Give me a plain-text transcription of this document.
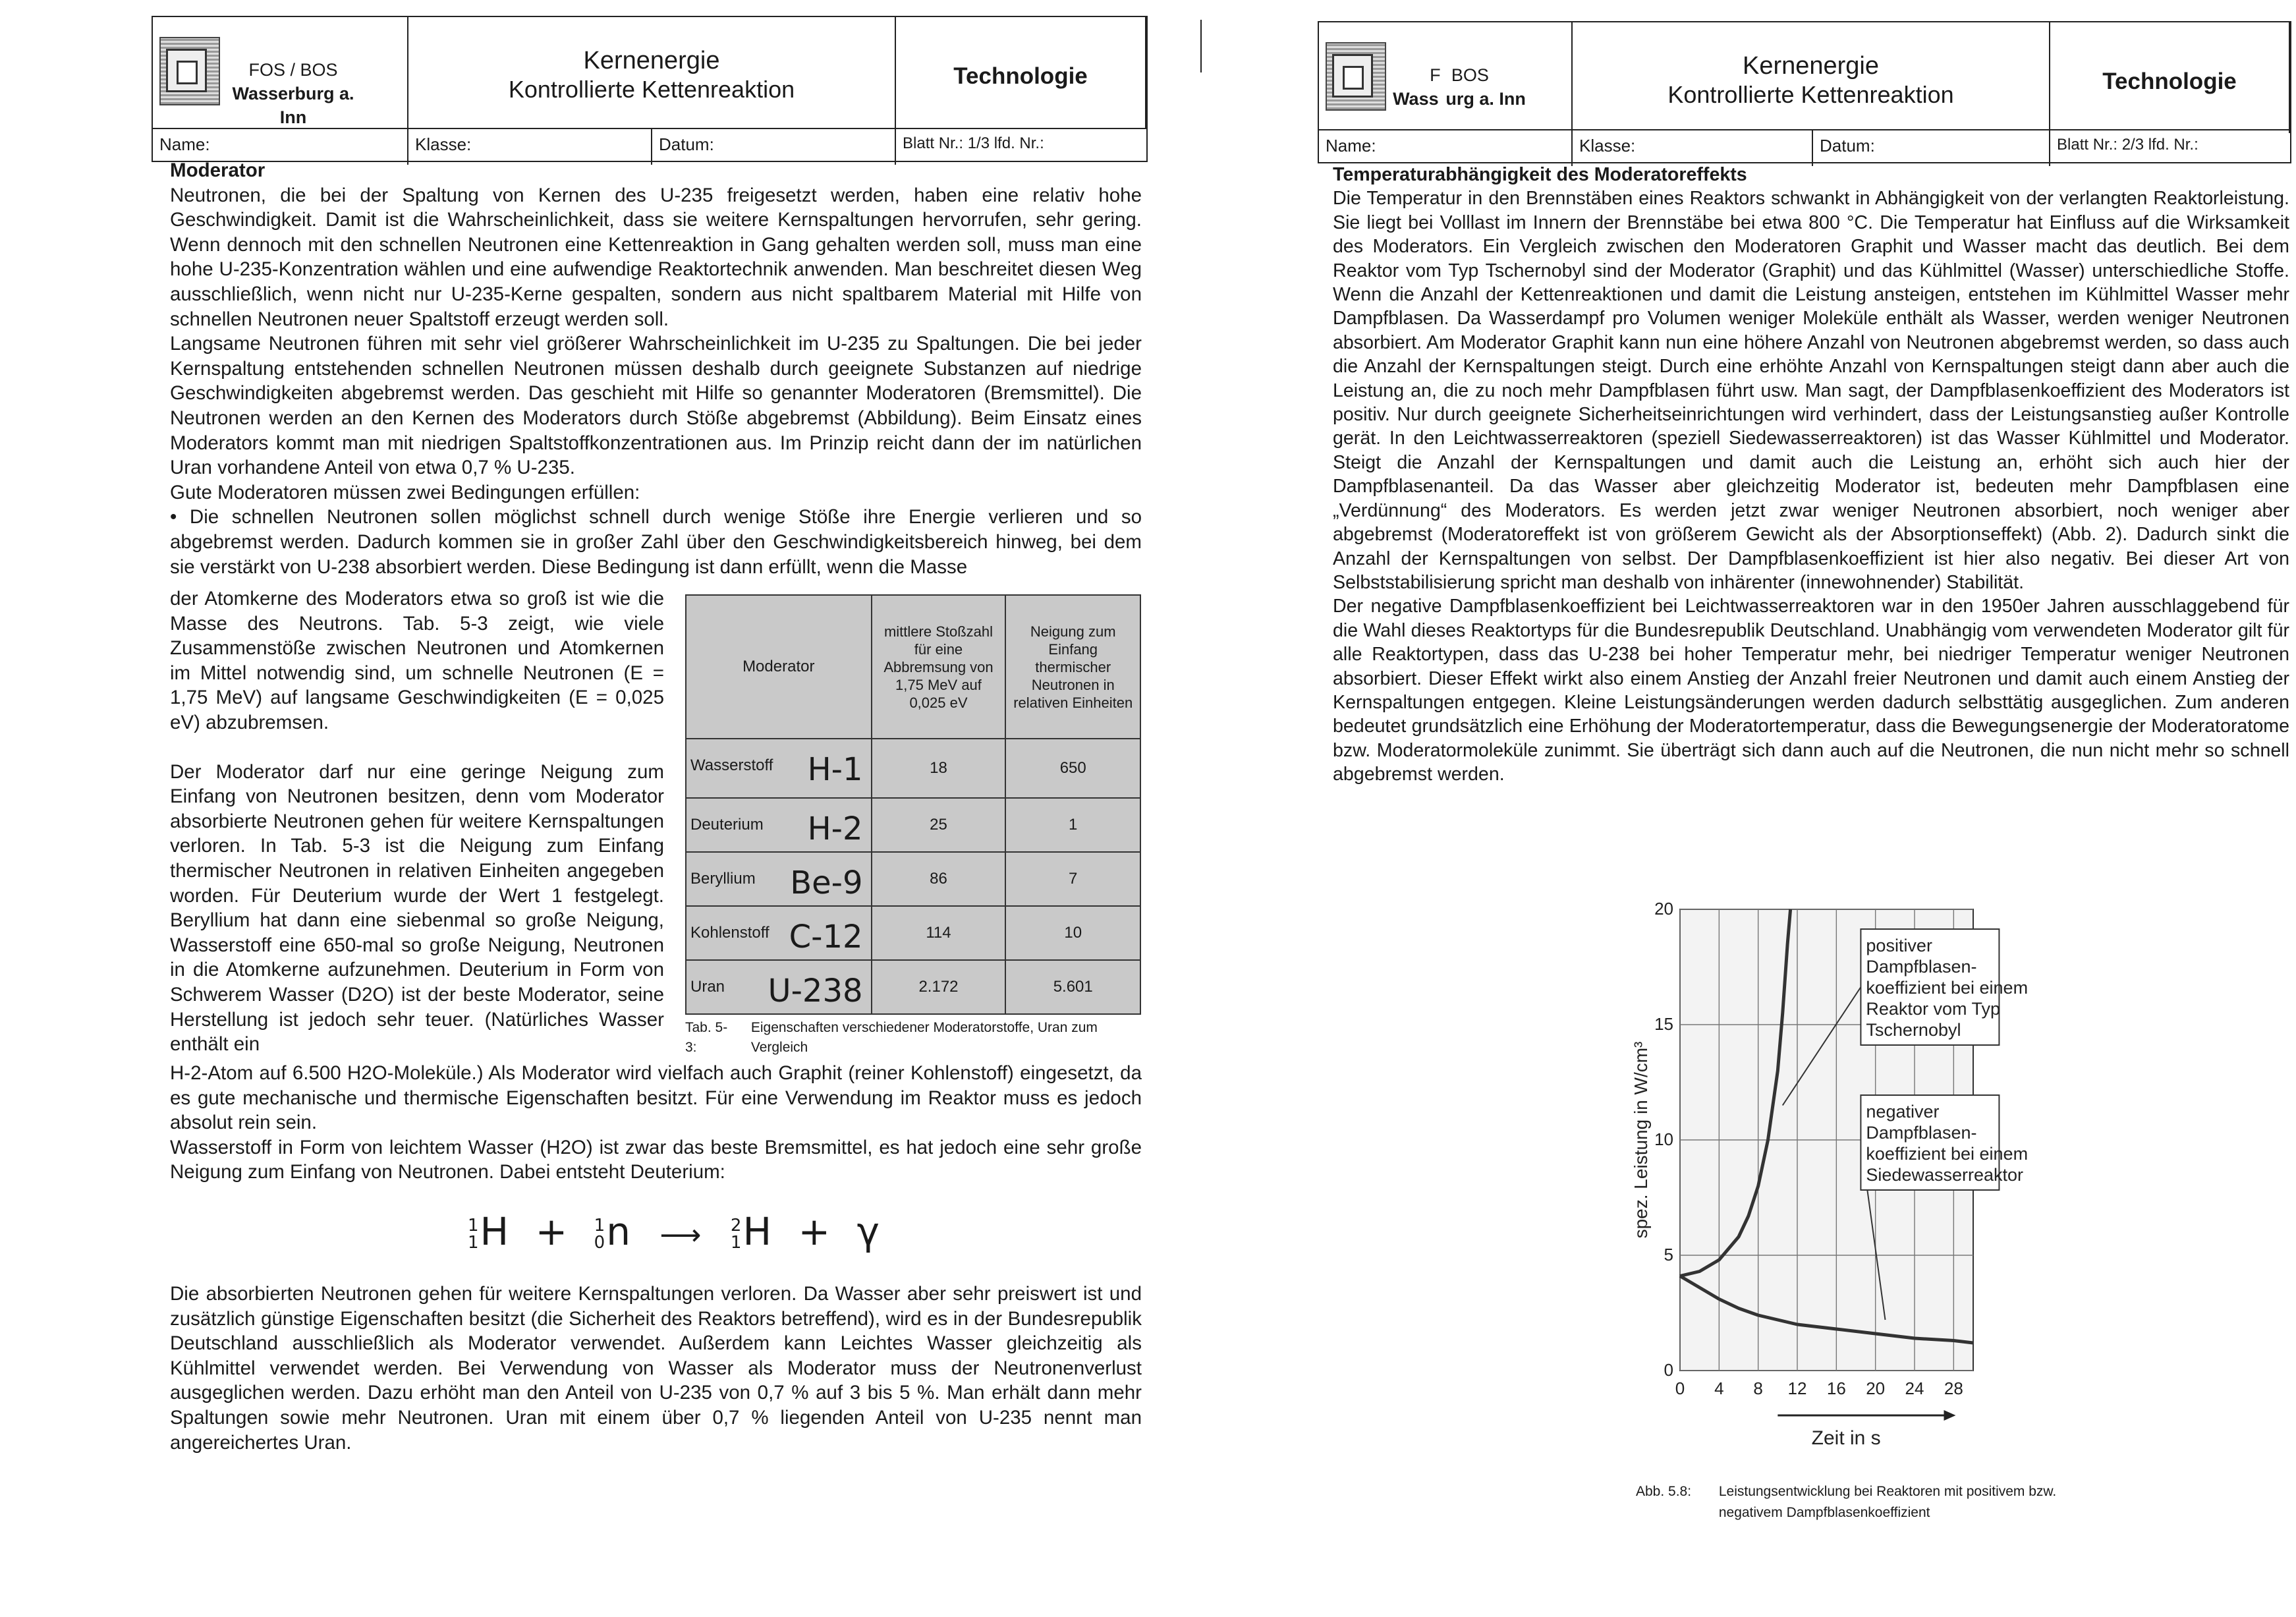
FOS / BOS
Wasserburg a. Inn
Kernenergie
Kontrollierte Kettenreaktion	Technologie
Name:	Klasse:	Datum:	Blatt Nr.: 1/3 lfd. Nr.:

Moderator

Neutronen, die bei der Spaltung von Kernen des U-235 freigesetzt werden, haben eine relativ hohe Geschwindigkeit. Damit ist die Wahrscheinlichkeit, dass sie weitere Kernspaltungen hervorrufen, sehr gering. Wenn dennoch mit den schnellen Neutronen eine Kettenreaktion in Gang gehalten werden soll, muss man eine hohe U-235-Konzentration wählen und eine aufwendige Reaktortechnik anwenden. Man beschreitet diesen Weg ausschließlich, wenn nicht nur U-235-Kerne gespalten, sondern aus nicht spaltbarem Material mit Hilfe von schnellen Neutronen neuer Spaltstoff erzeugt werden soll.

Langsame Neutronen führen mit sehr viel größerer Wahrscheinlichkeit im U-235 zu Spaltungen. Die bei jeder Kernspaltung entstehenden schnellen Neutronen müssen deshalb durch geeignete Substanzen auf niedrige Geschwindigkeiten abgebremst werden. Das geschieht mit Hilfe so genannter Moderatoren (Bremsmittel). Die Neutronen werden an den Kernen des Moderators durch Stöße abgebremst (Abbildung). Beim Einsatz eines Moderators kommt man mit niedrigen Spaltstoffkonzentrationen aus. Im Prinzip reicht dann der im natürlichen Uran vorhandene Anteil von etwa 0,7 % U-235.

Gute Moderatoren müssen zwei Bedingungen erfüllen:

• Die schnellen Neutronen sollen möglichst schnell durch wenige Stöße ihre Energie verlieren und so abgebremst werden. Dadurch kommen sie in großer Zahl über den Geschwindigkeitsbereich hinweg, bei dem sie verstärkt von U-238 absorbiert werden. Diese Bedingung ist dann erfüllt, wenn die Masse

der Atomkerne des Moderators etwa so groß ist wie die Masse des Neutrons. Tab. 5-3 zeigt, wie viele Zusammenstöße zwischen Neutronen und Atomkernen im Mittel notwendig sind, um schnelle Neutronen (E = 1,75 MeV) auf langsame Geschwindigkeiten (E = 0,025 eV) abzubremsen.

Der Moderator darf nur eine geringe Neigung zum Einfang von Neutronen besitzen, denn vom Moderator absorbierte Neutronen gehen für weitere Kernspaltungen verloren. In Tab. 5-3 ist die Neigung zum Einfang thermischer Neutronen in relativen Einheiten angegeben worden. Für Deuterium wurde der Wert 1 festgelegt. Beryllium hat dann eine siebenmal so große Neigung, Wasserstoff eine 650-mal so große Neigung, Neutronen in die Atomkerne aufzunehmen. Deuterium in Form von Schwerem Wasser (D2O) ist der beste Moderator, seine Herstellung ist jedoch sehr teuer. (Natürliches Wasser enthält ein

Moderator	mittlere Stoßzahl für eine Abbremsung von 1,75 MeV auf 0,025 eV	Neigung zum Einfang thermischer Neutronen in relativen Einheiten

Wasserstoff H-1	18	650

Deuterium H-2	25	1

Beryllium Be-9	86	7

Kohlenstoff C-12	114	10

Uran U-238	2.172	5.601
Tab. 5-3: Eigenschaften verschiedener Moderatorstoffe, Uran zum Vergleich

H-2-Atom auf 6.500 H2O-Moleküle.) Als Moderator wird vielfach auch Graphit (reiner Kohlenstoff) eingesetzt, da es gute mechanische und thermische Eigenschaften besitzt. Für eine Verwendung im Reaktor muss es jedoch absolut rein sein.

Wasserstoff in Form von leichtem Wasser (H2O) ist zwar das beste Bremsmittel, es hat jedoch eine sehr große Neigung zum Einfang von Neutronen. Dabei entsteht Deuterium:

1
1 H + 1
0 n ⟶ 2
1 H + γ

Die absorbierten Neutronen gehen für weitere Kernspaltungen verloren. Da Wasser aber sehr preiswert ist und zusätzlich günstige Eigenschaften besitzt (die Sicherheit des Reaktors betreffend), wird es in der Bundesrepublik Deutschland ausschließlich als Moderator verwendet. Außerdem kann Leichtes Wasser gleichzeitig als Kühlmittel verwendet werden. Bei Verwendung von Wasser als Moderator muss der Neutronenverlust ausgeglichen werden. Dazu erhöht man den Anteil von U-235 von 0,7 % auf 3 bis 5 %. Man erhält dann mehr Spaltungen sowie mehr Neutronen. Uran mit einem über 0,7 % liegenden Anteil von U-235 nennt man angereichertes Uran.

F   BOS
Wass  urg a. Inn
Kernenergie
Kontrollierte Kettenreaktion	Technologie
Name:	Klasse:	Datum:	Blatt Nr.: 2/3 lfd. Nr.:

Temperaturabhängigkeit des Moderatoreffekts

Die Temperatur in den Brennstäben eines Reaktors schwankt in Abhängigkeit von der verlangten Reaktorleistung. Sie liegt bei Volllast im Innern der Brennstäbe bei etwa 800 °C. Die Temperatur hat Einfluss auf die Wirksamkeit des Moderators. Ein Vergleich zwischen den Moderatoren Graphit und Wasser macht das deutlich. Bei dem Reaktor vom Typ Tschernobyl sind der Moderator (Graphit) und das Kühlmittel (Wasser) unterschiedliche Stoffe. Wenn die Anzahl der Kettenreaktionen und damit die Leistung ansteigen, entstehen im Kühlmittel Wasser mehr Dampfblasen. Da Wasserdampf pro Volumen weniger Moleküle enthält als Wasser, werden weniger Neutronen absorbiert. Am Moderator Graphit kann nun eine höhere Anzahl von Neutronen abgebremst werden, so dass auch die Anzahl der Kernspaltungen steigt. Durch eine erhöhte Anzahl von Kernspaltungen steigt dann aber auch die Leistung an, die zu noch mehr Dampfblasen führt usw. Man sagt, der Dampfblasenkoeffizient des Moderators ist positiv. Nur durch geeignete Sicherheitseinrichtungen wird verhindert, dass der Leistungsanstieg außer Kontrolle gerät. In den Leichtwasserreaktoren (speziell Siedewasserreaktoren) ist das Wasser Kühlmittel und Moderator. Steigt die Anzahl der Kernspaltungen und damit auch die Leistung an, erhöht sich auch hier der Dampfblasenanteil. Da das Wasser aber gleichzeitig Moderator ist, bedeuten mehr Dampfblasen eine „Verdünnung“ des Moderators. Es werden jetzt zwar weniger Neutronen absorbiert, noch weniger aber abgebremst (Moderatoreffekt ist von größerem Gewicht als der Absorptionseffekt) (Abb. 2). Dadurch sinkt die Anzahl der Kernspaltungen von selbst. Der Dampfblasenkoeffizient ist hier also negativ. Bei dieser Art von Selbststabilisierung spricht man deshalb von inhärenter (innewohnender) Stabilität.

Der negative Dampfblasenkoeffizient bei Leichtwasserreaktoren war in den 1950er Jahren ausschlaggebend für die Wahl dieses Reaktortyps für die Bundesrepublik Deutschland. Unabhängig vom verwendeten Moderator gilt für alle Reaktortypen, dass das U-238 bei hoher Temperatur mehr, bei niedriger Temperatur weniger Neutronen absorbiert. Dieser Effekt wirkt also einem Anstieg der Anzahl freier Neutronen und damit auch einem Anstieg der Kernspaltungen entgegen. Kleine Leistungsänderungen werden dadurch selbsttätig ausgeglichen. Zum anderen bedeutet grundsätzlich eine Erhöhung der Moderatortemperatur, dass die Bewegungsenergie der Moderatoratome bzw. Moderatormoleküle zunimmt. Sie überträgt sich dann auch auf die Neutronen, die nun nicht mehr so schnell abgebremst werden.

0 4 8 12 16 20 24 28
0
5
10
15
20
spez. Leistung in W/cm³
Zeit in s
positiver
Dampfblasen-
koeffizient bei einem
Reaktor vom Typ
Tschernobyl
negativer
Dampfblasen-
koeffizient bei einem
Siedewasserreaktor
Abb. 5.8: Leistungsentwicklung bei Reaktoren mit positivem bzw. negativem Dampfblasenkoeffizient
